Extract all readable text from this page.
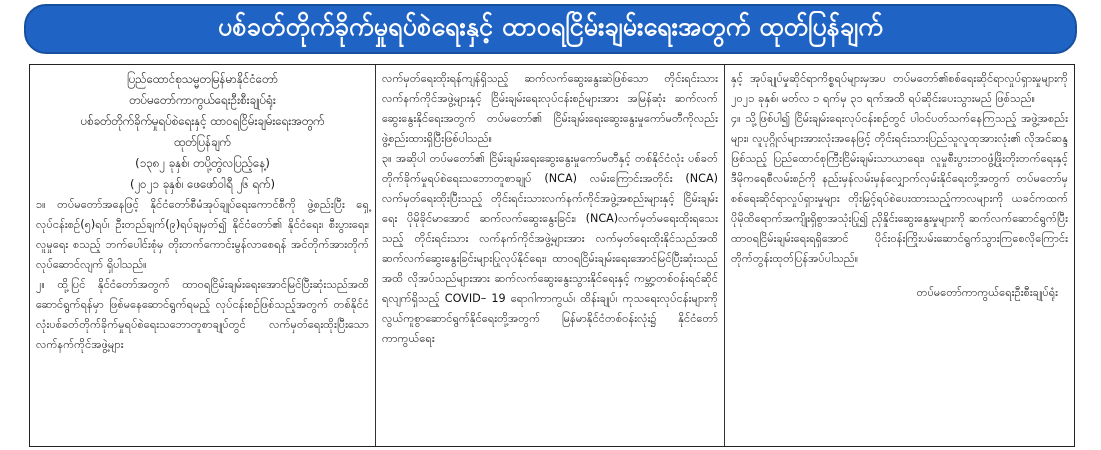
ပစ်ခတ်တိုက်ခိုက်မှုရပ်စဲရေးနှင့် ထာဝရငြိမ်းချမ်းရေးအတွက် ထုတ်ပြန်ချက်
ပြည်ထောင်စုသမ္မတမြန်မာနိုင်ငံတော်
တပ်မတော်ကာကွယ်ရေးဦးစီးချုပ်ရုံး
ပစ်ခတ်တိုက်ခိုက်မှုရပ်စဲရေးနှင့် ထာဝရငြိမ်းချမ်းရေးအတွက်
ထုတ်ပြန်ချက်
(၁၃၈၂ ခုနှစ်၊ တပို့တွဲလပြည့်နေ့)
(၂၀၂၁ ခုနှစ်၊ ဖေဖော်ဝါရီ ၂၆ ရက်)

၁။ တပ်မတော်အနေဖြင့် နိုင်ငံတော်စီမံအုပ်ချုပ်ရေးကောင်စီကို ဖွဲ့စည်းပြီး ရှေ့လုပ်ငန်းစဉ်(၅)ရပ်၊ ဦးတည်ချက်(၉)ရပ်ချမှတ်၍ နိုင်ငံတော်၏ နိုင်ငံရေး၊ စီးပွားရေး၊ လူမှုရေး စသည့် ဘက်ပေါင်းစုံမှ တိုးတက်ကောင်းမွန်လာစေရန် အင်တိုက်အားတိုက်လုပ်ဆောင်လျက် ရှိပါသည်။

၂။ ထို့ပြင် နိုင်ငံတော်အတွက် ထာဝရငြိမ်းချမ်းရေးအောင်မြင်ပြီးဆုံးသည်အထိ ဆောင်ရွက်ရန်မှာ ဖြစ်မနေဆောင်ရွက်ရမည့် လုပ်ငန်းစဉ်ဖြစ်သည့်အတွက် တစ်နိုင်ငံလုံးပစ်ခတ်တိုက်ခိုက်မှုရပ်စဲရေးသဘောတူစာချုပ်တွင် လက်မှတ်ရေးထိုးပြီးသော လက်နက်ကိုင်အဖွဲ့များ

လက်မှတ်ရေးထိုးရန်ကျန်ရှိသည့် ဆက်လက်ဆွေးနွေးဆဲဖြစ်သော တိုင်းရင်းသားလက်နက်ကိုင်အဖွဲ့များနှင့် ငြိမ်းချမ်းရေးလုပ်ငန်းစဉ်များအား အမြန်ဆုံး ဆက်လက်ဆွေးနွေးနိုင်ရေးအတွက် တပ်မတော်၏ ငြိမ်းချမ်းရေးဆွေးနွေးမှုကော်မတီကိုလည်း ဖွဲ့စည်းထားရှိပြီးဖြစ်ပါသည်။

၃။ အဆိုပါ တပ်မတော်၏ ငြိမ်းချမ်းရေးဆွေးနွေးမှုကော်မတီနှင့် တစ်နိုင်ငံလုံး ပစ်ခတ်တိုက်ခိုက်မှုရပ်စဲရေးသဘောတူစာချုပ် (NCA) လမ်းကြောင်းအတိုင်း (NCA) လက်မှတ်ရေးထိုးပြီးသည့် တိုင်းရင်းသားလက်နက်ကိုင်အဖွဲ့အစည်းများနှင့် ငြိမ်းချမ်းရေး ပိုမိုခိုင်မာအောင် ဆက်လက်ဆွေးနွေးခြင်း၊ (NCA)လက်မှတ်မရေးထိုးရသေးသည့် တိုင်းရင်းသား လက်နက်ကိုင်အဖွဲ့များအား လက်မှတ်ရေးထိုးနိုင်သည်အထိ ဆက်လက်ဆွေးနွေးခြင်းများပြုလုပ်နိုင်ရေး၊ ထာဝရငြိမ်းချမ်းရေးအောင်မြင်ပြီးဆုံးသည်အထိ လိုအပ်သည်များအား ဆက်လက်ဆွေးနွေးသွားနိုင်ရေးနှင့် ကမ္ဘာ့တစ်ဝန်းရင်ဆိုင်ရလျက်ရှိသည့် COVID– 19 ရောဂါကာကွယ်၊ ထိန်းချုပ်၊ ကုသရေးလုပ်ငန်းများကို လွယ်ကူစွာဆောင်ရွက်နိုင်ရေးတို့အတွက် မြန်မာနိုင်ငံတစ်ဝန်းလုံး၌ နိုင်ငံတော်ကာကွယ်ရေး

နှင့် အုပ်ချုပ်မှုဆိုင်ရာကိစ္စရပ်များမှအပ တပ်မတော်၏စစ်ရေးဆိုင်ရာလှုပ်ရှားမှုများကို ၂၀၂၁ ခုနှစ်၊ မတ်လ ၁ ရက်မှ ၃၁ ရက်အထိ ရပ်ဆိုင်းပေးသွားမည် ဖြစ်သည်။

၄။ သို့ဖြစ်ပါ၍ ငြိမ်းချမ်းရေးလုပ်ငန်းစဉ်တွင် ပါဝင်ပတ်သက်နေကြသည့် အဖွဲ့အစည်းများ၊ လူပုဂ္ဂိုလ်များအားလုံးအနေဖြင့် တိုင်းရင်းသားပြည်သူလူထုအားလုံး၏ လိုအင်ဆန္ဒဖြစ်သည့် ပြည်ထောင်စုကြီးငြိမ်းချမ်းသာယာရေး၊ လူမှုစီးပွားဘဝဖွံ့ဖြိုးတိုးတက်ရေးနှင့် ဒီမိုကရေစီလမ်းစဉ်ကို နည်းမှန်လမ်းမှန်လျှောက်လှမ်းနိုင်ရေးတို့အတွက် တပ်မတော်မှ စစ်ရေးဆိုင်ရာလှုပ်ရှားမှုများ တိုးမြှင့်ရပ်စဲပေးထားသည့်ကာလများကို ယခင်ကထက် ပိုမိုထိရောက်အကျိုးရှိစွာအသုံးပြု၍ ညှိနှိုင်းဆွေးနွေးမှုများကို ဆက်လက်ဆောင်ရွက်ပြီး ထာဝရငြိမ်းချမ်းရေးရရှိအောင် ပိုင်းဝန်းကြိုးပမ်းဆောင်ရွက်သွားကြစေလိုကြောင်း တိုက်တွန်းထုတ်ပြန်အပ်ပါသည်။

တပ်မတော်ကာကွယ်ရေးဦးစီးချုပ်ရုံး
